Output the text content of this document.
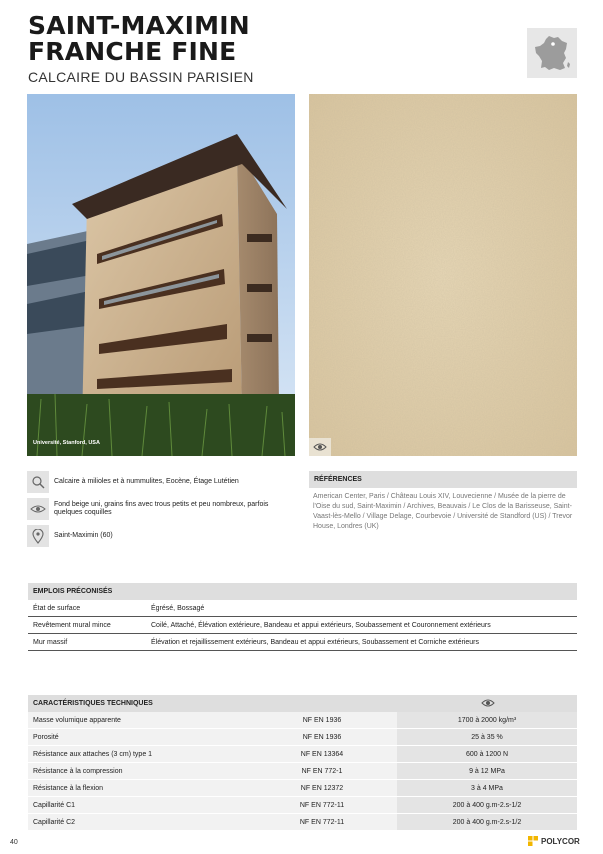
SAINT-MAXIMIN
FRANCHE FINE
CALCAIRE DU BASSIN PARISIEN
Université, Stanford, USA
Calcaire à milioles et à nummulites, Eocène, Étage Lutétien
Fond beige uni, grains fins avec trous petits et peu nombreux, parfois quelques coquilles
Saint-Maximin (60)
RÉFÉRENCES
American Center, Paris / Château Louis XIV, Louvecienne / Musée de la pierre de l'Oise du sud, Saint-Maximin / Archives, Beauvais / Le Clos de la Barisseuse, Saint-Vaast-lès-Mello / Village Delage, Courbevoie / Université de Standford (US) / Trevor House, Londres (UK)
EMPLOIS PRÉCONISÉS
État de surface	Égrésé, Bossagé
Revêtement mural mince	Coilé, Attaché, Élévation extérieure, Bandeau et appui extérieurs, Soubassement et Couronnement extérieurs
Mur massif	Élévation et rejaillissement extérieurs, Bandeau et appui extérieurs, Soubassement et Corniche extérieurs
CARACTÉRISTIQUES TECHNIQUES
Masse volumique apparente	NF EN 1936	1700 à 2000 kg/m³
Porosité	NF EN 1936	25 à 35 %
Résistance aux attaches (3 cm) type 1	NF EN 13364	600 à 1200 N
Résistance à la compression	NF EN 772-1	9 à 12 MPa
Résistance à la flexion	NF EN 12372	3 à 4 MPa
Capillarité C1	NF EN 772-11	200 à 400 g.m-2.s-1/2
Capillarité C2	NF EN 772-11	200 à 400 g.m-2.s-1/2
40	POLYCOR
